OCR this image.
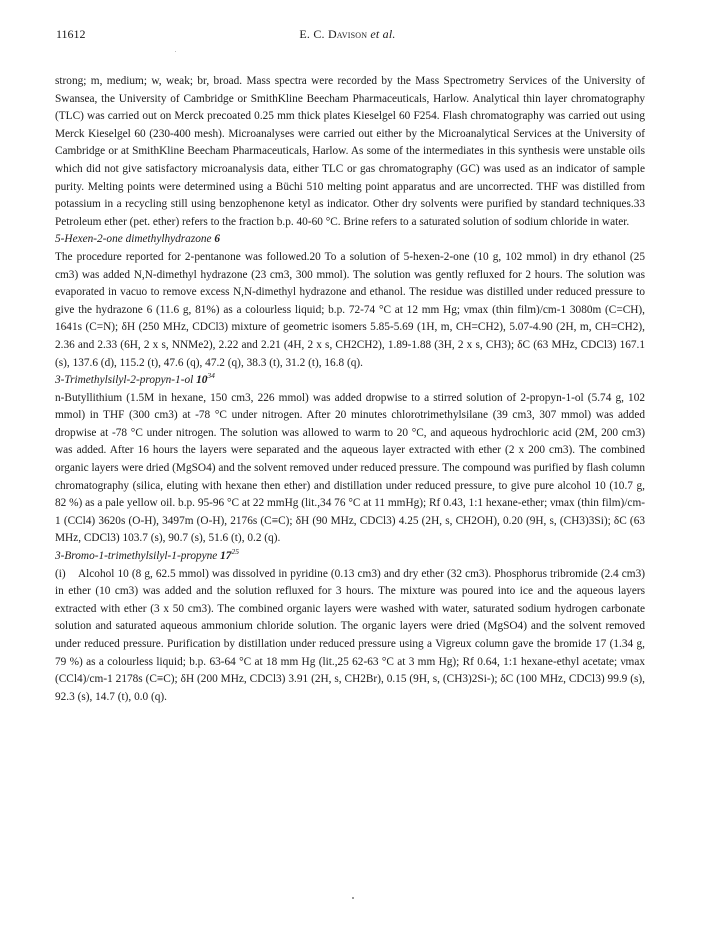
11612	E. C. Davison et al.

strong; m, medium; w, weak; br, broad. Mass spectra were recorded by the Mass Spectrometry Services of the University of Swansea, the University of Cambridge or SmithKline Beecham Pharmaceuticals, Harlow. Analytical thin layer chromatography (TLC) was carried out on Merck precoated 0.25 mm thick plates Kieselgel 60 F254. Flash chromatography was carried out using Merck Kieselgel 60 (230-400 mesh). Microanalyses were carried out either by the Microanalytical Services at the University of Cambridge or at SmithKline Beecham Pharmaceuticals, Harlow. As some of the intermediates in this synthesis were unstable oils which did not give satisfactory microanalysis data, either TLC or gas chromatography (GC) was used as an indicator of sample purity. Melting points were determined using a Büchi 510 melting point apparatus and are uncorrected. THF was distilled from potassium in a recycling still using benzophenone ketyl as indicator. Other dry solvents were purified by standard techniques.33 Petroleum ether (pet. ether) refers to the fraction b.p. 40-60 °C. Brine refers to a saturated solution of sodium chloride in water.

5-Hexen-2-one dimethylhydrazone 6

The procedure reported for 2-pentanone was followed.20 To a solution of 5-hexen-2-one (10 g, 102 mmol) in dry ethanol (25 cm3) was added N,N-dimethyl hydrazone (23 cm3, 300 mmol). The solution was gently refluxed for 2 hours. The solution was evaporated in vacuo to remove excess N,N-dimethyl hydrazone and ethanol. The residue was distilled under reduced pressure to give the hydrazone 6 (11.6 g, 81%) as a colourless liquid; b.p. 72-74 °C at 12 mm Hg; νmax (thin film)/cm-1 3080m (C=CH), 1641s (C=N); δH (250 MHz, CDCl3) mixture of geometric isomers 5.85-5.69 (1H, m, CH=CH2), 5.07-4.90 (2H, m, CH=CH2), 2.36 and 2.33 (6H, 2 x s, NNMe2), 2.22 and 2.21 (4H, 2 x s, CH2CH2), 1.89-1.88 (3H, 2 x s, CH3); δC (63 MHz, CDCl3) 167.1 (s), 137.6 (d), 115.2 (t), 47.6 (q), 47.2 (q), 38.3 (t), 31.2 (t), 16.8 (q).

3-Trimethylsilyl-2-propyn-1-ol $10^{34}$

n-Butyllithium (1.5M in hexane, 150 cm3, 226 mmol) was added dropwise to a stirred solution of 2-propyn-1-ol (5.74 g, 102 mmol) in THF (300 cm3) at -78 °C under nitrogen. After 20 minutes chlorotrimethylsilane (39 cm3, 307 mmol) was added dropwise at -78 °C under nitrogen. The solution was allowed to warm to 20 °C, and aqueous hydrochloric acid (2M, 200 cm3) was added. After 16 hours the layers were separated and the aqueous layer extracted with ether (2 x 200 cm3). The combined organic layers were dried (MgSO4) and the solvent removed under reduced pressure. The compound was purified by flash column chromatography (silica, eluting with hexane then ether) and distillation under reduced pressure, to give pure alcohol 10 (10.7 g, 82 %) as a pale yellow oil. b.p. 95-96 °C at 22 mmHg (lit.,34 76 °C at 11 mmHg); Rf 0.43, 1:1 hexane-ether; νmax (thin film)/cm-1 (CCl4) 3620s (O-H), 3497m (O-H), 2176s (C≡C); δH (90 MHz, CDCl3) 4.25 (2H, s, CH2OH), 0.20 (9H, s, (CH3)3Si); δC (63 MHz, CDCl3) 103.7 (s), 90.7 (s), 51.6 (t), 0.2 (q).

3-Bromo-1-trimethylsilyl-1-propyne $17^{25}$

(i) Alcohol 10 (8 g, 62.5 mmol) was dissolved in pyridine (0.13 cm3) and dry ether (32 cm3). Phosphorus tribromide (2.4 cm3) in ether (10 cm3) was added and the solution refluxed for 3 hours. The mixture was poured into ice and the aqueous layers extracted with ether (3 x 50 cm3). The combined organic layers were washed with water, saturated sodium hydrogen carbonate solution and saturated aqueous ammonium chloride solution. The organic layers were dried (MgSO4) and the solvent removed under reduced pressure. Purification by distillation under reduced pressure using a Vigreux column gave the bromide 17 (1.34 g, 79 %) as a colourless liquid; b.p. 63-64 °C at 18 mm Hg (lit.,25 62-63 °C at 3 mm Hg); Rf 0.64, 1:1 hexane-ethyl acetate; νmax (CCl4)/cm-1 2178s (C≡C); δH (200 MHz, CDCl3) 3.91 (2H, s, CH2Br), 0.15 (9H, s, (CH3)2Si-); δC (100 MHz, CDCl3) 99.9 (s), 92.3 (s), 14.7 (t), 0.0 (q).
